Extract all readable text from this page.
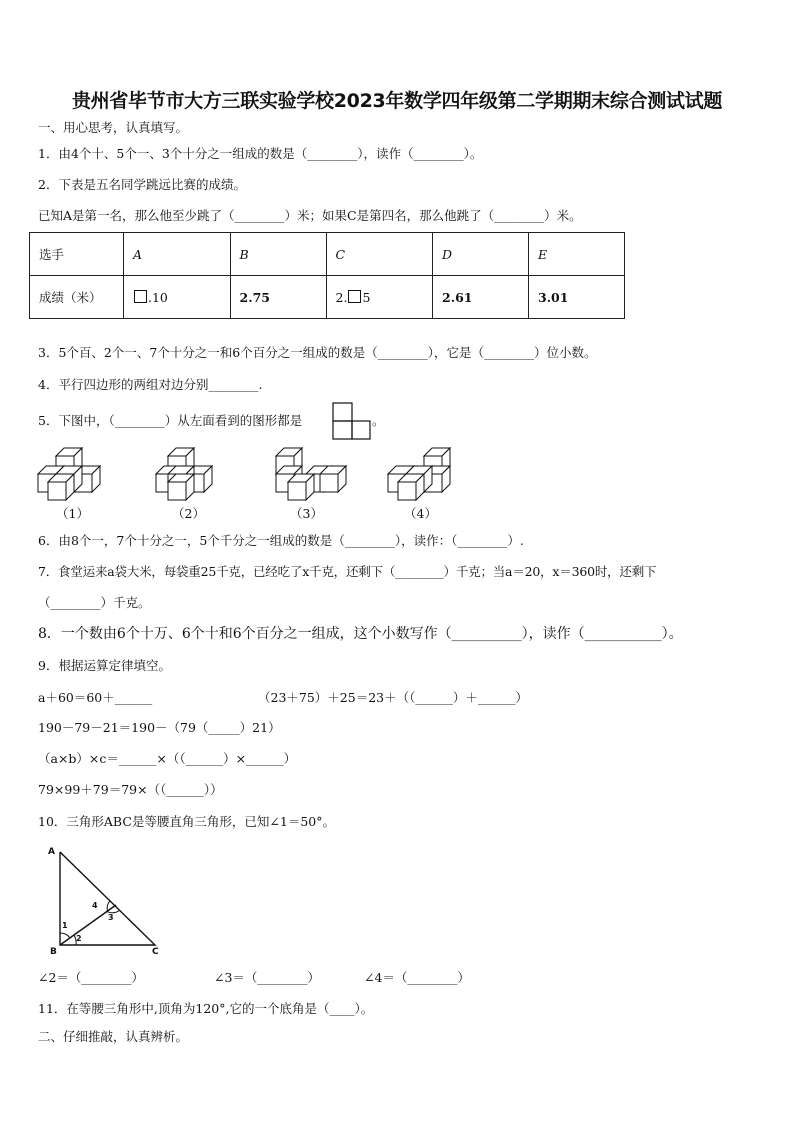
贵州省毕节市大方三联实验学校2023年数学四年级第二学期期末综合测试试题
一、用心思考，认真填写。
1．由4个十、5个一、3个十分之一组成的数是（________），读作（________）。
2．下表是五名同学跳远比赛的成绩。
已知A是第一名，那么他至少跳了（________）米；如果C是第四名，那么他跳了（________）米。
选手	A	B	C	D	E
成绩（米）	.10	2.75	2. 5	2.61	3.01
3．5个百、2个一、7个十分之一和6个百分之一组成的数是（________），它是（________）位小数。
4．平行四边形的两组对边分别________.
5．下图中，（________）从左面看到的图形都是	。
（1）	（2）	（3）	（4）
6．由8个一，7个十分之一，5个千分之一组成的数是（________），读作：（________）.
7．食堂运来a袋大米，每袋重25千克，已经吃了x千克，还剩下（________）千克；当a＝20，x＝360时，还剩下
（________）千克。
8．一个数由6个十万、6个十和6个百分之一组成，这个小数写作（__________），读作（___________）。
9．根据运算定律填空。
a＋60＝60＋______	（23＋75）＋25＝23＋（（______）＋______）
190－79－21＝190－（79（_____）21）
（a×b）×c＝______×（（______）×______）
79×99＋79＝79×（（______））
10．三角形ABC是等腰直角三角形，已知∠1＝50°。
A
B	C
1
2
3
4
∠2＝（________）	∠3＝（________）	∠4＝（________）
11．在等腰三角形中,顶角为120°,它的一个底角是（____）。
二、仔细推敲，认真辨析。
